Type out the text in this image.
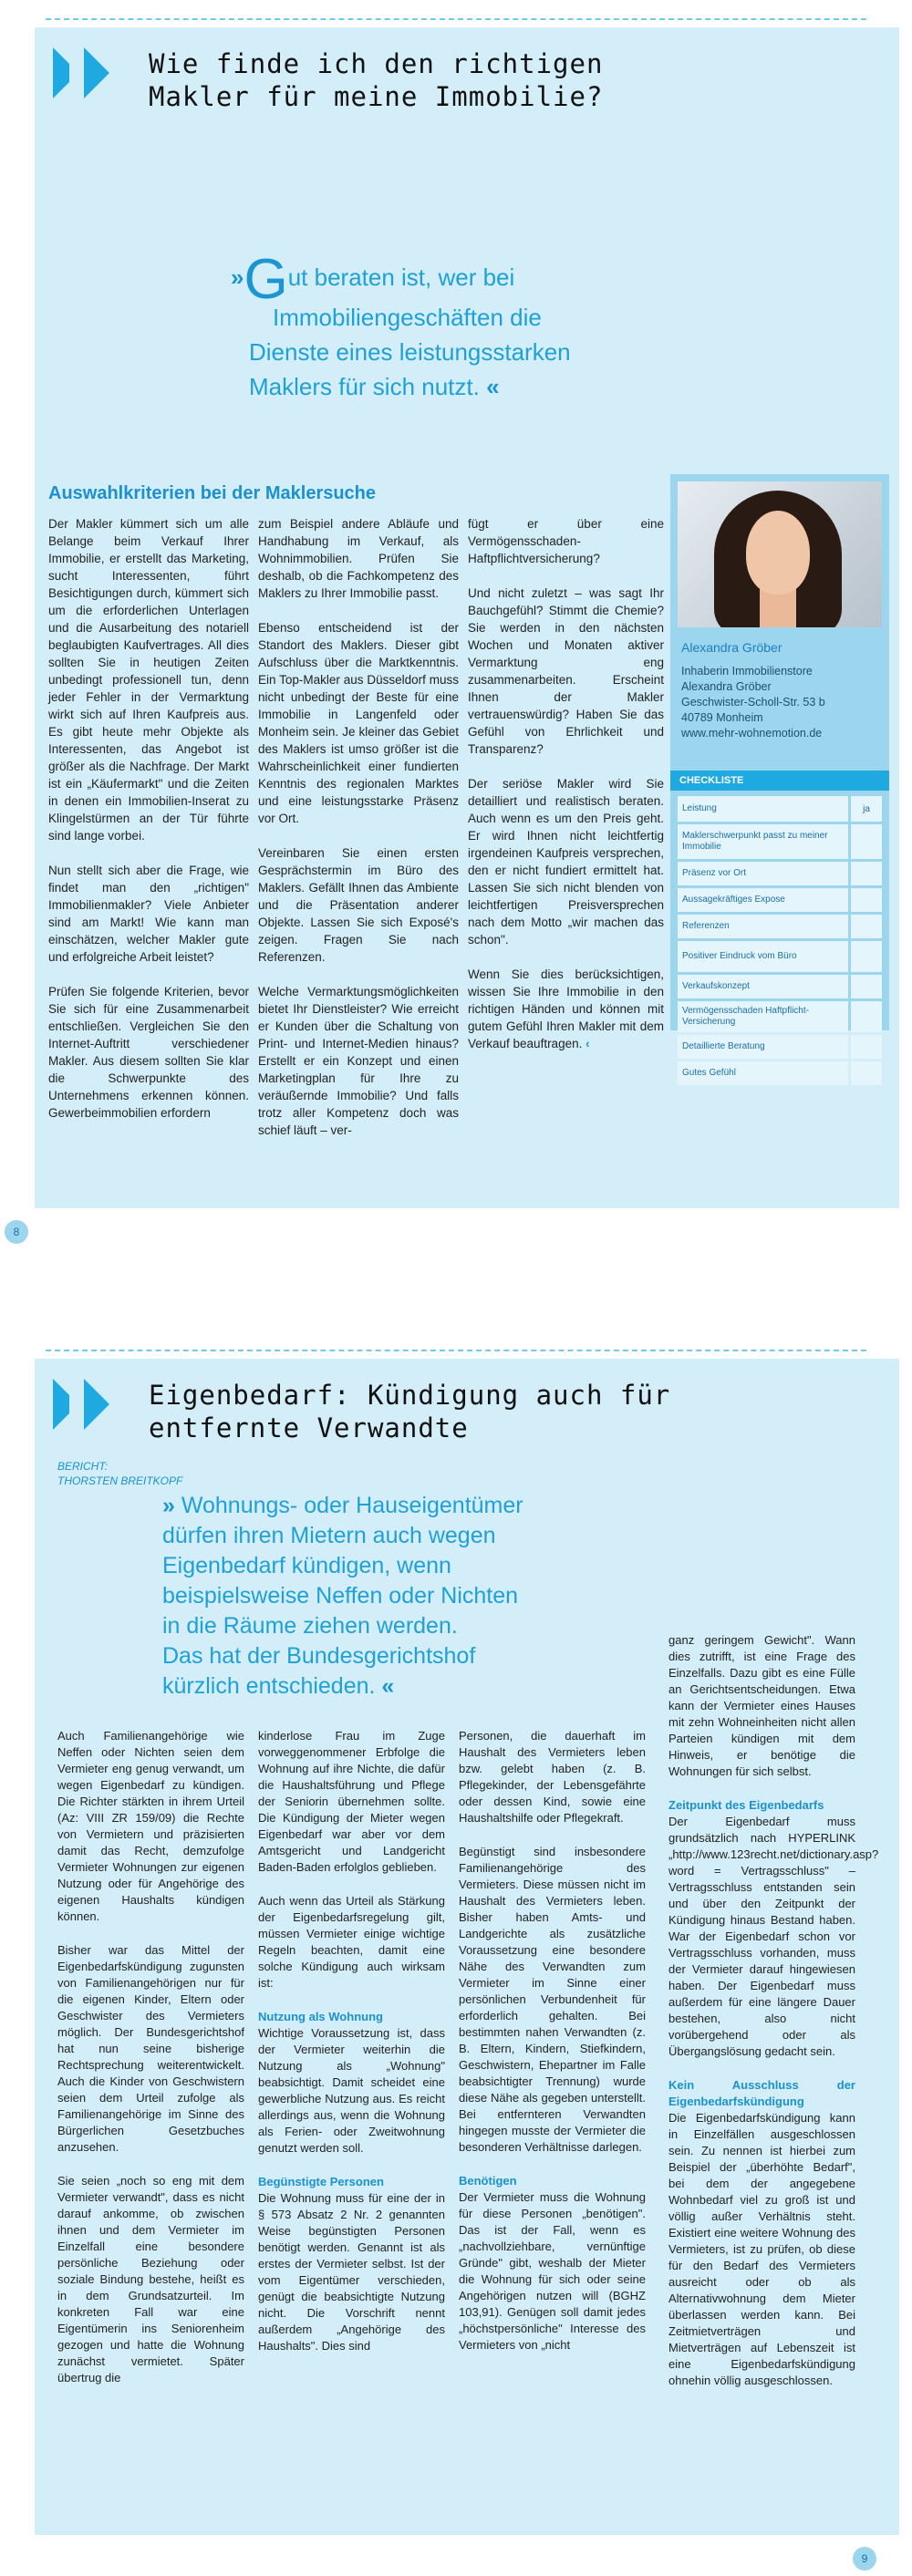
Wie finde ich den richtigen
Makler für meine Immobilie?
»Gut beraten ist, wer bei
Immobiliengeschäften die
Dienste eines leistungsstarken
Maklers für sich nutzt. «
Auswahlkriterien bei der Maklersuche

Der Makler kümmert sich um alle Belange beim Verkauf Ihrer Immobilie, er erstellt das Marketing, sucht Interessenten, führt Besichtigungen durch, kümmert sich um die erforderlichen Unterlagen und die Ausarbeitung des notariell beglaubigten Kaufvertrages. All dies sollten Sie in heutigen Zeiten unbedingt professionell tun, denn jeder Fehler in der Vermarktung wirkt sich auf Ihren Kaufpreis aus. Es gibt heute mehr Objekte als Interessenten, das Angebot ist größer als die Nachfrage. Der Markt ist ein „Käufermarkt" und die Zeiten in denen ein Immobilien-Inserat zu Klingelstürmen an der Tür führte sind lange vorbei.

Nun stellt sich aber die Frage, wie findet man den „richtigen" Immobilienmakler? Viele Anbieter sind am Markt! Wie kann man einschätzen, welcher Makler gute und erfolgreiche Arbeit leistet?

Prüfen Sie folgende Kriterien, bevor Sie sich für eine Zusammenarbeit entschließen. Vergleichen Sie den Internet-Auftritt verschiedener Makler. Aus diesem sollten Sie klar die Schwerpunkte des Unternehmens erkennen können. Gewerbeimmobilien erfordern

zum Beispiel andere Abläufe und Handhabung im Verkauf, als Wohnimmobilien. Prüfen Sie deshalb, ob die Fachkompetenz des Maklers zu Ihrer Immobilie passt.

Ebenso entscheidend ist der Standort des Maklers. Dieser gibt Aufschluss über die Marktkenntnis. Ein Top-Makler aus Düsseldorf muss nicht unbedingt der Beste für eine Immobilie in Langenfeld oder Monheim sein. Je kleiner das Gebiet des Maklers ist umso größer ist die Wahrscheinlichkeit einer fundierten Kenntnis des regionalen Marktes und eine leistungsstarke Präsenz vor Ort.

Vereinbaren Sie einen ersten Gesprächstermin im Büro des Maklers. Gefällt Ihnen das Ambiente und die Präsentation anderer Objekte. Lassen Sie sich Exposé's zeigen. Fragen Sie nach Referenzen.

Welche Vermarktungsmöglichkeiten bietet Ihr Dienstleister? Wie erreicht er Kunden über die Schaltung von Print- und Internet-Medien hinaus? Erstellt er ein Konzept und einen Marketingplan für Ihre zu veräußernde Immobilie? Und falls trotz aller Kompetenz doch was schief läuft – ver-

fügt er über eine Vermögensschaden-Haftpflichtversicherung?

Und nicht zuletzt – was sagt Ihr Bauchgefühl? Stimmt die Chemie? Sie werden in den nächsten Wochen und Monaten aktiver Vermarktung eng zusammenarbeiten. Erscheint Ihnen der Makler vertrauenswürdig? Haben Sie das Gefühl von Ehrlichkeit und Transparenz?

Der seriöse Makler wird Sie detailliert und realistisch beraten. Auch wenn es um den Preis geht. Er wird Ihnen nicht leichtfertig irgendeinen Kaufpreis versprechen, den er nicht fundiert ermittelt hat. Lassen Sie sich nicht blenden von leichtfertigen Preisversprechen nach dem Motto „wir machen das schon".

Wenn Sie dies berücksichtigen, wissen Sie Ihre Immobilie in den richtigen Händen und können mit gutem Gefühl Ihren Makler mit dem Verkauf beauftragen. ‹

Alexandra Gröber
Inhaberin Immobilienstore
Alexandra Gröber
Geschwister-Scholl-Str. 53 b
40789 Monheim
www.mehr-wohnemotion.de
CHECKLISTE
Leistung	ja
Maklerschwerpunkt passt zu meiner Immobilie
Präsenz vor Ort
Aussagekräftiges Expose
Referenzen
Positiver Eindruck vom Büro
Verkaufskonzept
Vermögensschaden Haftpflicht-Versicherung
Detaillierte Beratung
Gutes Gefühl
8
Eigenbedarf: Kündigung auch für
entfernte Verwandte
BERICHT:
THORSTEN BREITKOPF
» Wohnungs- oder Hauseigentümer
dürfen ihren Mietern auch wegen
Eigenbedarf kündigen, wenn
beispielsweise Neffen oder Nichten
in die Räume ziehen werden.
Das hat der Bundesgerichtshof
kürzlich entschieden. «

Auch Familienangehörige wie Neffen oder Nichten seien dem Vermieter eng genug verwandt, um wegen Eigenbedarf zu kündigen. Die Richter stärkten in ihrem Urteil (Az: VIII ZR 159/09) die Rechte von Vermietern und präzisierten damit das Recht, demzufolge Vermieter Wohnungen zur eigenen Nutzung oder für Angehörige des eigenen Haushalts kündigen können.

Bisher war das Mittel der Eigenbedarfskündigung zugunsten von Familienangehörigen nur für die eigenen Kinder, Eltern oder Geschwister des Vermieters möglich. Der Bundesgerichtshof hat nun seine bisherige Rechtsprechung weiterentwickelt. Auch die Kinder von Geschwistern seien dem Urteil zufolge als Familienangehörige im Sinne des Bürgerlichen Gesetzbuches anzusehen.

Sie seien „noch so eng mit dem Vermieter verwandt", dass es nicht darauf ankomme, ob zwischen ihnen und dem Vermieter im Einzelfall eine besondere persönliche Beziehung oder soziale Bindung bestehe, heißt es in dem Grundsatzurteil. Im konkreten Fall war eine Eigentümerin ins Seniorenheim gezogen und hatte die Wohnung zunächst vermietet. Später übertrug die

kinderlose Frau im Zuge vorweggenommener Erbfolge die Wohnung auf ihre Nichte, die dafür die Haushaltsführung und Pflege der Seniorin übernehmen sollte. Die Kündigung der Mieter wegen Eigenbedarf war aber vor dem Amtsgericht und Landgericht Baden-Baden erfolglos geblieben.

Auch wenn das Urteil als Stärkung der Eigenbedarfsregelung gilt, müssen Vermieter einige wichtige Regeln beachten, damit eine solche Kündigung auch wirksam ist:

Nutzung als Wohnung

Wichtige Voraussetzung ist, dass der Vermieter weiterhin die Nutzung als „Wohnung" beabsichtigt. Damit scheidet eine gewerbliche Nutzung aus. Es reicht allerdings aus, wenn die Wohnung als Ferien- oder Zweitwohnung genutzt werden soll.

Begünstigte Personen

Die Wohnung muss für eine der in § 573 Absatz 2 Nr. 2 genannten Weise begünstigten Personen benötigt werden. Genannt ist als erstes der Vermieter selbst. Ist der vom Eigentümer verschieden, genügt die beabsichtigte Nutzung nicht. Die Vorschrift nennt außerdem „Angehörige des Haushalts". Dies sind

Personen, die dauerhaft im Haushalt des Vermieters leben bzw. gelebt haben (z. B. Pflegekinder, der Lebensgefährte oder dessen Kind, sowie eine Haushaltshilfe oder Pflegekraft.

Begünstigt sind insbesondere Familienangehörige des Vermieters. Diese müssen nicht im Haushalt des Vermieters leben. Bisher haben Amts- und Landgerichte als zusätzliche Voraussetzung eine besondere Nähe des Verwandten zum Vermieter im Sinne einer persönlichen Verbundenheit für erforderlich gehalten. Bei bestimmten nahen Verwandten (z. B. Eltern, Kindern, Stiefkindern, Geschwistern, Ehepartner im Falle beabsichtigter Trennung) wurde diese Nähe als gegeben unterstellt. Bei entfernteren Verwandten hingegen musste der Vermieter die besonderen Verhältnisse darlegen.

Benötigen

Der Vermieter muss die Wohnung für diese Personen „benötigen". Das ist der Fall, wenn es „nachvollziehbare, vernünftige Gründe" gibt, weshalb der Mieter die Wohnung für sich oder seine Angehörigen nutzen will (BGHZ 103,91). Genügen soll damit jedes „höchstpersönliche" Interesse des Vermieters von „nicht

ganz geringem Gewicht". Wann dies zutrifft, ist eine Frage des Einzelfalls. Dazu gibt es eine Fülle an Gerichtsentscheidungen. Etwa kann der Vermieter eines Hauses mit zehn Wohneinheiten nicht allen Parteien kündigen mit dem Hinweis, er benötige die Wohnungen für sich selbst.

Zeitpunkt des Eigenbedarfs

Der Eigenbedarf muss grundsätzlich nach HYPERLINK „http://www.123recht.net/dictionary.asp?word = Vertragsschluss" – Vertragsschluss entstanden sein und über den Zeitpunkt der Kündigung hinaus Bestand haben. War der Eigenbedarf schon vor Vertragsschluss vorhanden, muss der Vermieter darauf hingewiesen haben. Der Eigenbedarf muss außerdem für eine längere Dauer bestehen, also nicht vorübergehend oder als Übergangslösung gedacht sein.

Kein Ausschluss der Eigenbedarfskündigung

Die Eigenbedarfskündigung kann in Einzelfällen ausgeschlossen sein. Zu nennen ist hierbei zum Beispiel der „überhöhte Bedarf", bei dem der angegebene Wohnbedarf viel zu groß ist und völlig außer Verhältnis steht. Existiert eine weitere Wohnung des Vermieters, ist zu prüfen, ob diese für den Bedarf des Vermieters ausreicht oder ob als Alternativwohnung dem Mieter überlassen werden kann. Bei Zeitmietverträgen und Mietverträgen auf Lebenszeit ist eine Eigenbedarfskündigung ohnehin völlig ausgeschlossen.

9
